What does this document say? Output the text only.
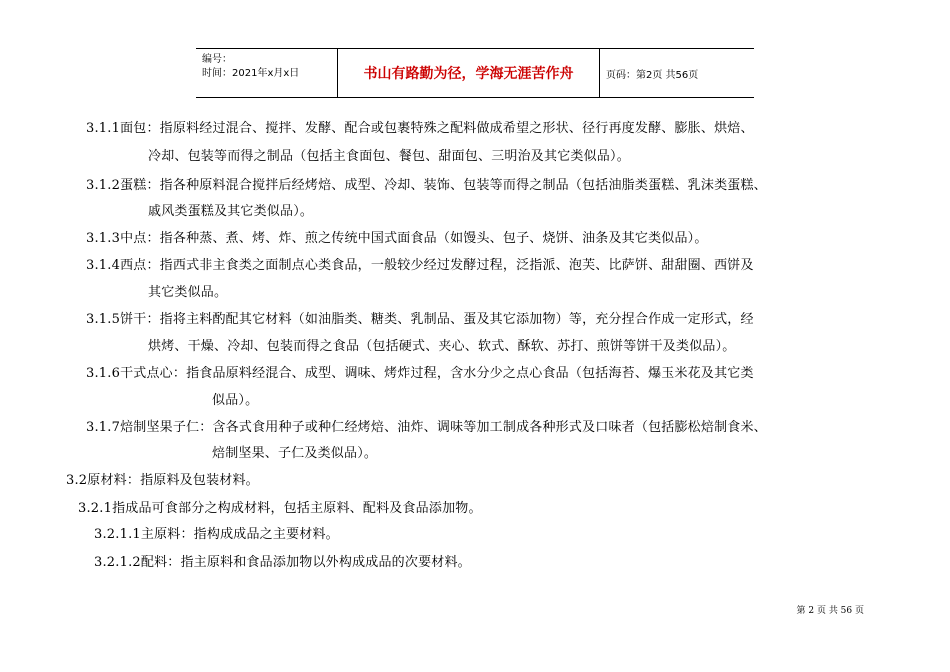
编号：
时间：2021年x月x日	书山有路勤为径，学海无涯苦作舟	页码：第2页 共56页
3.1.1面包：指原料经过混合、搅拌、发酵、配合或包裹特殊之配料做成希望之形状、径行再度发酵、膨胀、烘焙、
冷却、包装等而得之制品（包括主食面包、餐包、甜面包、三明治及其它类似品）。
3.1.2蛋糕：指各种原料混合搅拌后经烤焙、成型、冷却、装饰、包装等而得之制品（包括油脂类蛋糕、乳沫类蛋糕、
戚风类蛋糕及其它类似品）。
3.1.3中点：指各种蒸、煮、烤、炸、煎之传统中国式面食品（如馒头、包子、烧饼、油条及其它类似品）。
3.1.4西点：指西式非主食类之面制点心类食品，一般较少经过发酵过程，泛指派、泡芙、比萨饼、甜甜圈、西饼及
其它类似品。
3.1.5饼干：指将主料酌配其它材料（如油脂类、糖类、乳制品、蛋及其它添加物）等，充分捏合作成一定形式，经
烘烤、干燥、冷却、包装而得之食品（包括硬式、夹心、软式、酥软、苏打、煎饼等饼干及类似品）。
3.1.6干式点心：指食品原料经混合、成型、调味、烤炸过程，含水分少之点心食品（包括海苔、爆玉米花及其它类
似品）。
3.1.7焙制坚果子仁：含各式食用种子或种仁经烤焙、油炸、调味等加工制成各种形式及口味者（包括膨松焙制食米、
焙制坚果、子仁及类似品）。
3.2原材料：指原料及包装材料。
3.2.1指成品可食部分之构成材料，包括主原料、配料及食品添加物。
3.2.1.1主原料：指构成成品之主要材料。
3.2.1.2配料：指主原料和食品添加物以外构成成品的次要材料。
第 2 页 共 56 页
